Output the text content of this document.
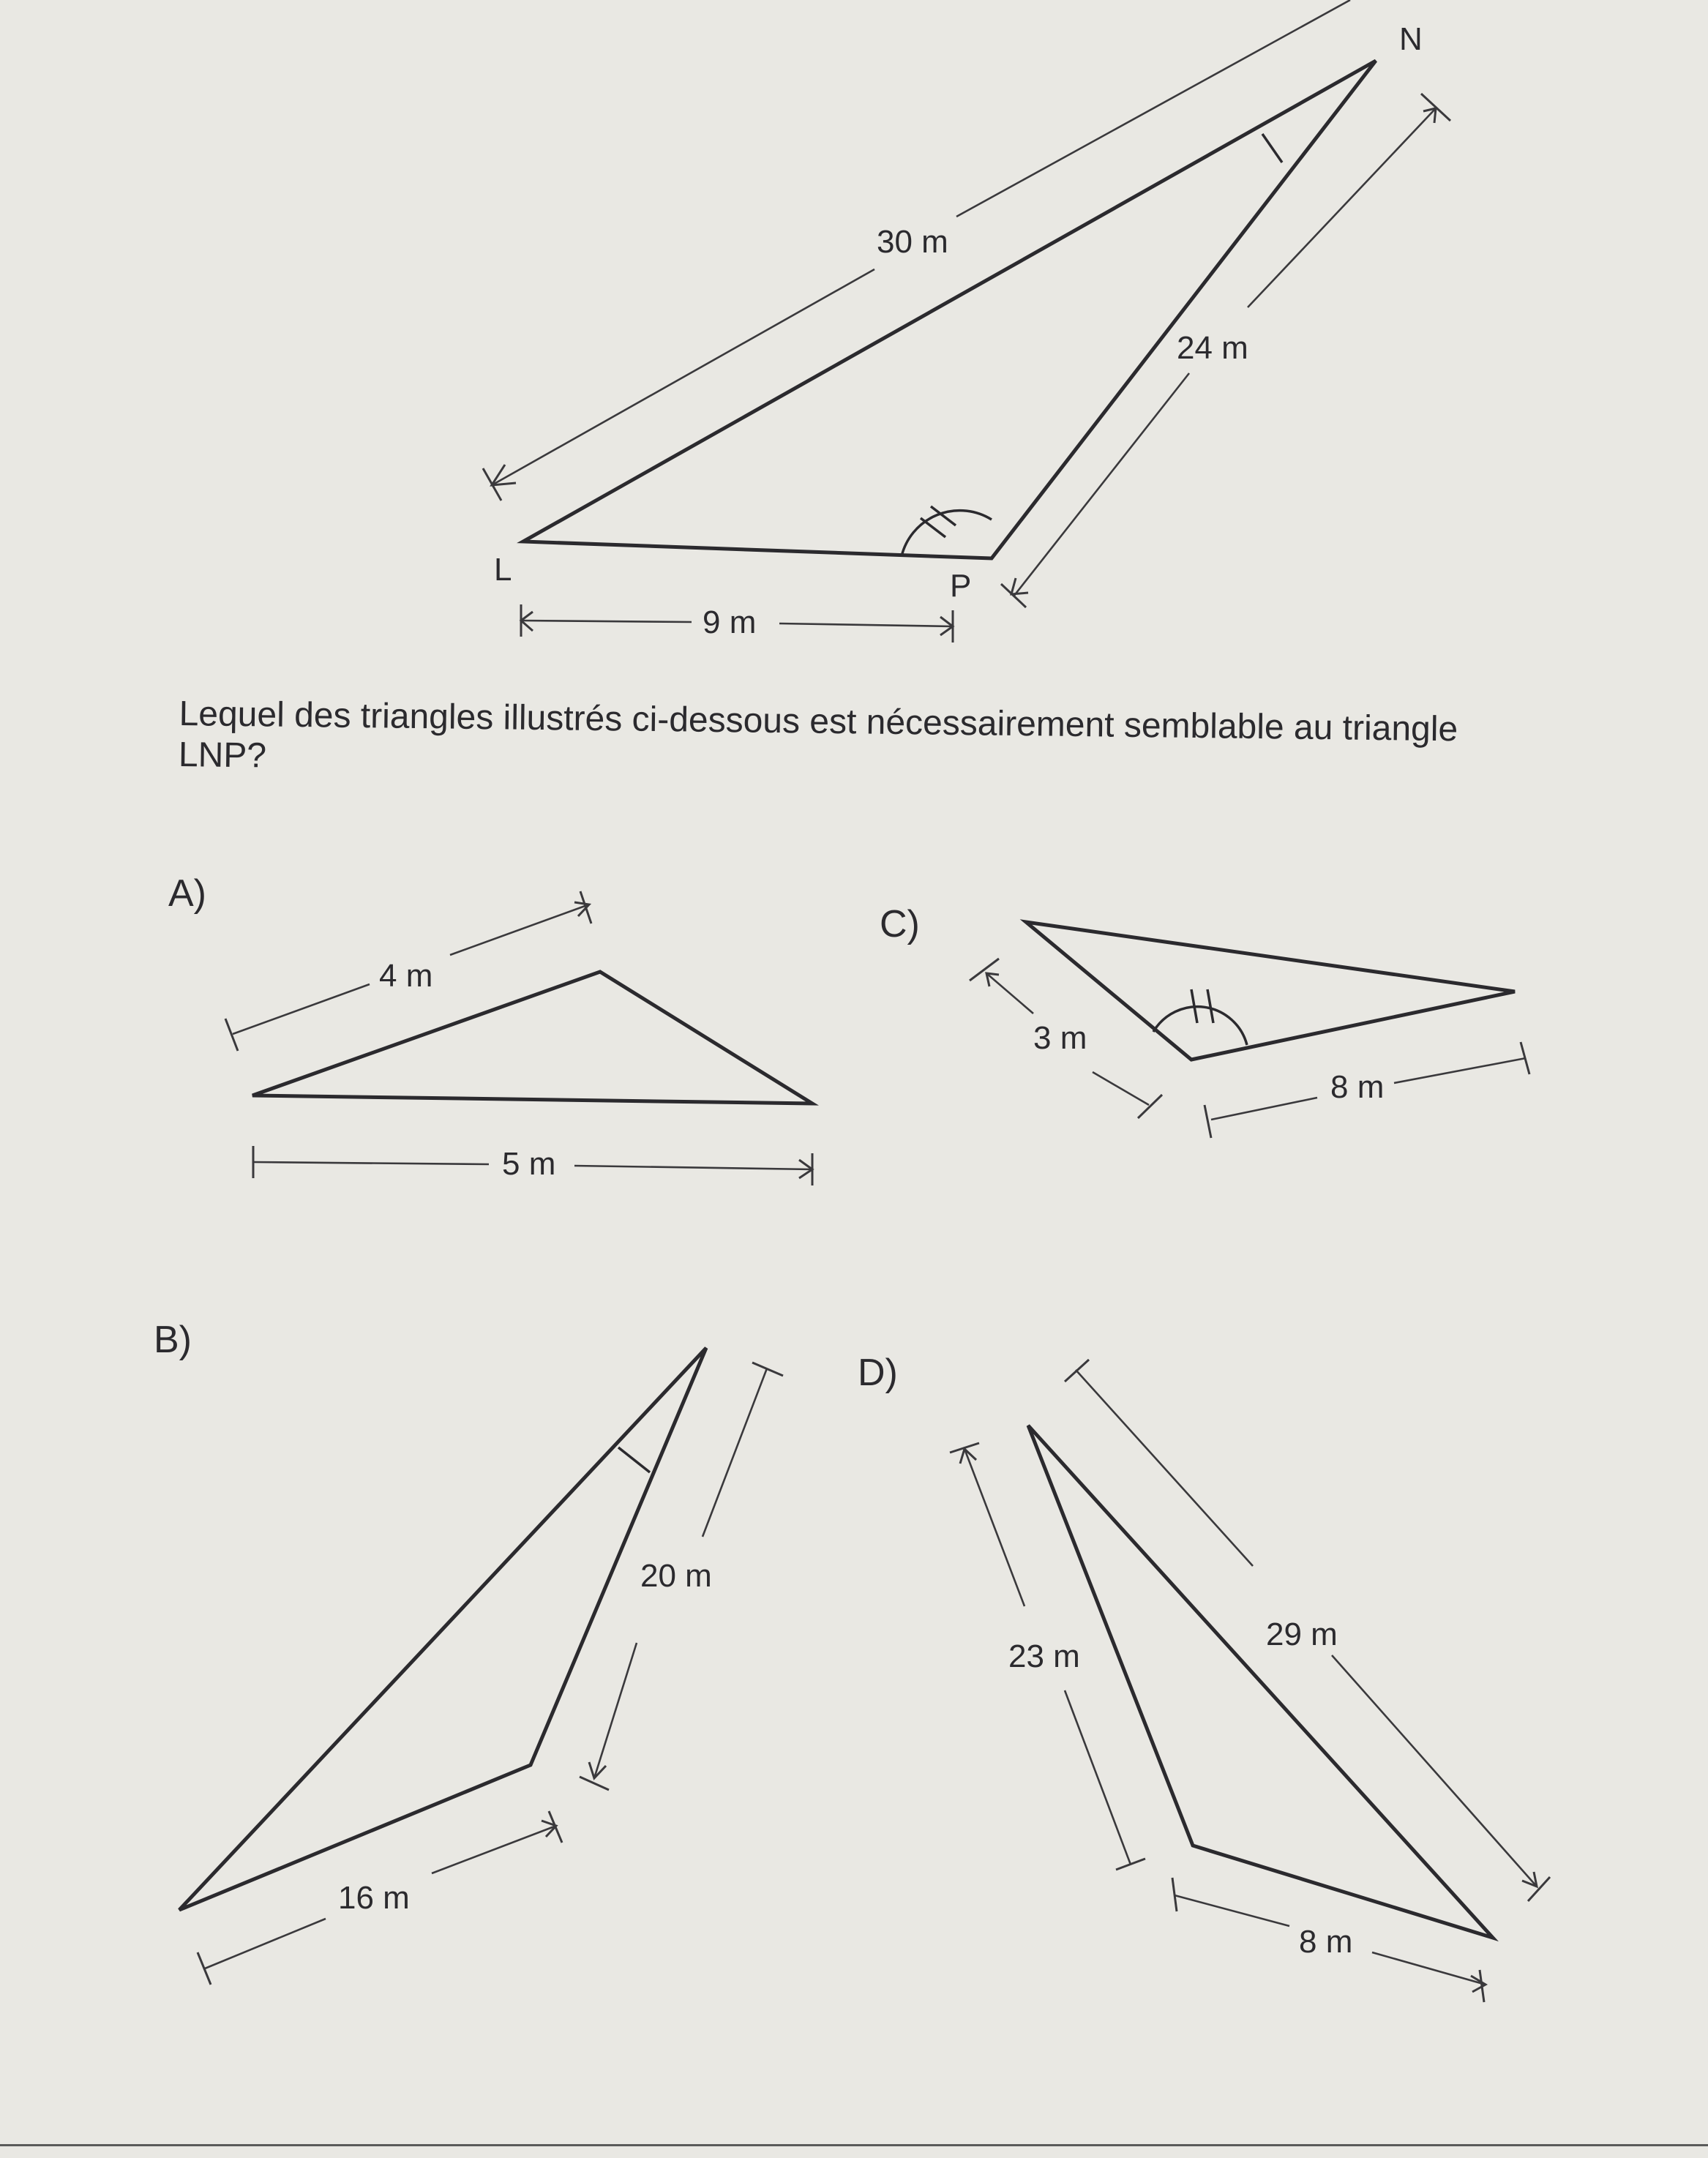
N
L	P
30 m
24 m
9 m
A)
4 m
5 m
C)
3 m
8 m
B)
20 m
16 m
D)
23 m
29 m
8 m
Lequel des triangles illustrés ci-dessous est nécessairement semblable au triangle LNP?
